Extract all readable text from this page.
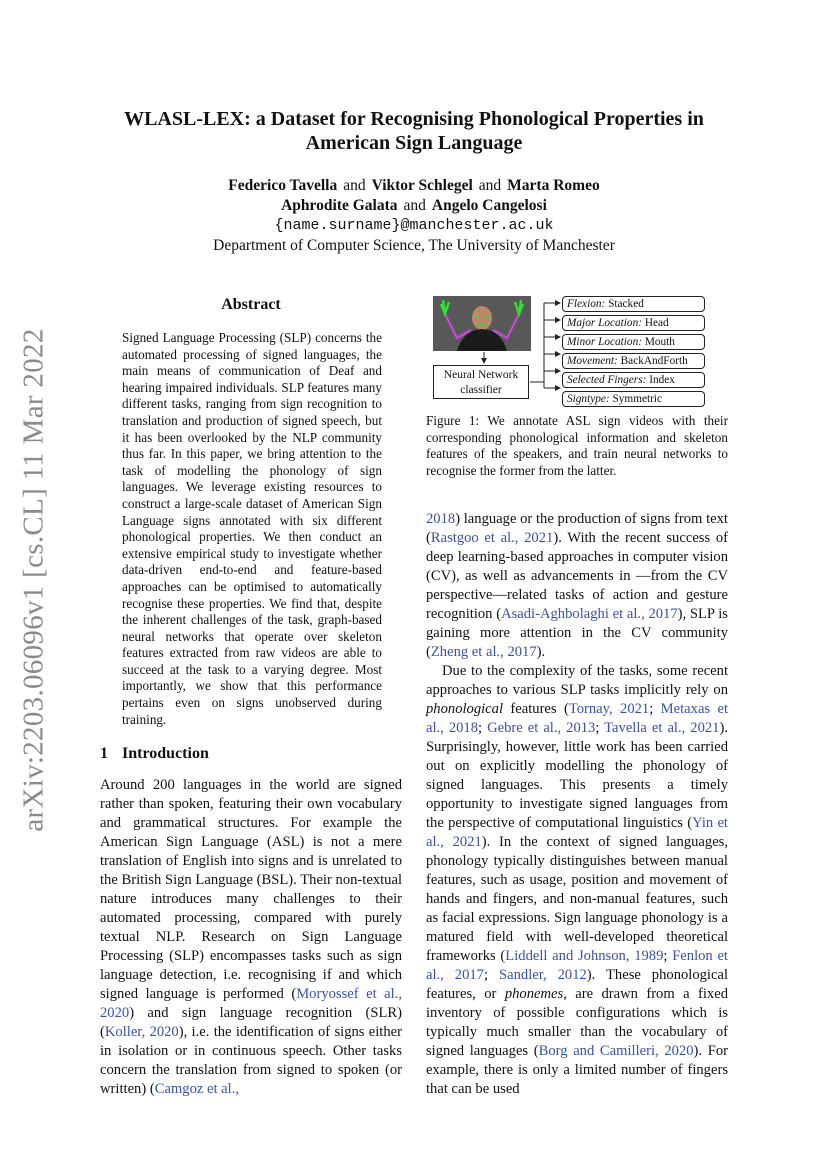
arXiv:2203.06096v1 [cs.CL] 11 Mar 2022
WLASL-LEX: a Dataset for Recognising Phonological Properties in
American Sign Language
Federico Tavella and Viktor Schlegel and Marta Romeo
Aphrodite Galata and Angelo Cangelosi
{name.surname}@manchester.ac.uk
Department of Computer Science, The University of Manchester
Abstract
Signed Language Processing (SLP) concerns the automated processing of signed languages, the main means of communication of Deaf and hearing impaired individuals. SLP features many different tasks, ranging from sign recognition to translation and production of signed speech, but it has been overlooked by the NLP community thus far. In this paper, we bring attention to the task of modelling the phonology of sign languages. We leverage existing resources to construct a large-scale dataset of American Sign Language signs annotated with six different phonological properties. We then conduct an extensive empirical study to investigate whether data-driven end-to-end and feature-based approaches can be optimised to automatically recognise these properties. We find that, despite the inherent challenges of the task, graph-based neural networks that operate over skeleton features extracted from raw videos are able to succeed at the task to a varying degree. Most importantly, we show that this performance pertains even on signs unobserved during training.
1 Introduction
Around 200 languages in the world are signed rather than spoken, featuring their own vocabulary and grammatical structures. For example the American Sign Language (ASL) is not a mere translation of English into signs and is unrelated to the British Sign Language (BSL). Their non-textual nature introduces many challenges to their automated processing, compared with purely textual NLP. Research on Sign Language Processing (SLP) encompasses tasks such as sign language detection, i.e. recognising if and which signed language is performed (Moryossef et al., 2020) and sign language recognition (SLR) (Koller, 2020), i.e. the identification of signs either in isolation or in continuous speech. Other tasks concern the translation from signed to spoken (or written) (Camgoz et al.,
Neural Network
classifier
Flexion: Stacked
Major Location: Head
Minor Location: Mouth
Movement: BackAndForth
Selected Fingers: Index
Signtype: Symmetric
Figure 1: We annotate ASL sign videos with their corresponding phonological information and skeleton features of the speakers, and train neural networks to recognise the former from the latter.

2018) language or the production of signs from text (Rastgoo et al., 2021). With the recent success of deep learning-based approaches in computer vision (CV), as well as advancements in —from the CV perspective—related tasks of action and gesture recognition (Asadi-Aghbolaghi et al., 2017), SLP is gaining more attention in the CV community (Zheng et al., 2017).

Due to the complexity of the tasks, some recent approaches to various SLP tasks implicitly rely on phonological features (Tornay, 2021; Metaxas et al., 2018; Gebre et al., 2013; Tavella et al., 2021). Surprisingly, however, little work has been carried out on explicitly modelling the phonology of signed languages. This presents a timely opportunity to investigate signed languages from the perspective of computational linguistics (Yin et al., 2021). In the context of signed languages, phonology typically distinguishes between manual features, such as usage, position and movement of hands and fingers, and non-manual features, such as facial expressions. Sign language phonology is a matured field with well-developed theoretical frameworks (Liddell and Johnson, 1989; Fenlon et al., 2017; Sandler, 2012). These phonological features, or phonemes, are drawn from a fixed inventory of possible configurations which is typically much smaller than the vocabulary of signed languages (Borg and Camilleri, 2020). For example, there is only a limited number of fingers that can be used
